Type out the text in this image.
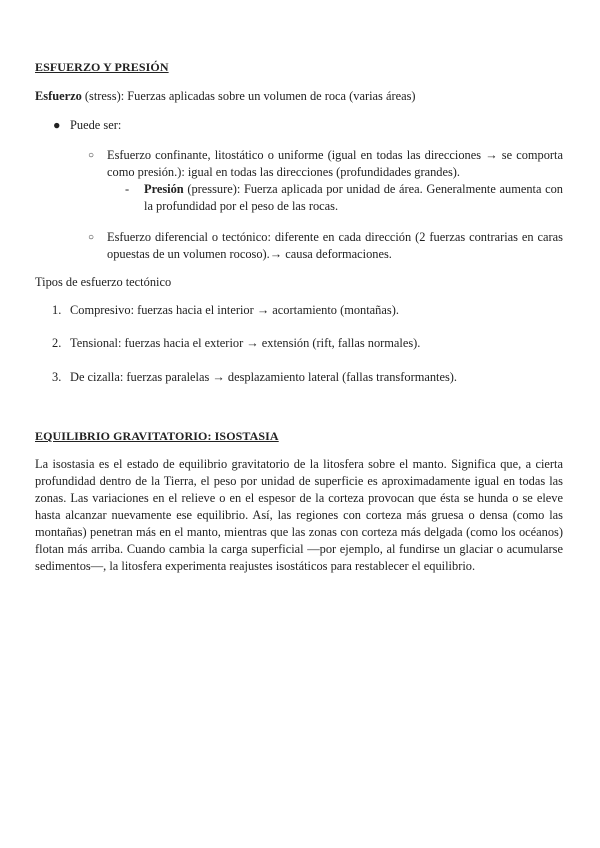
ESFUERZO Y PRESIÓN
Esfuerzo (stress): Fuerzas aplicadas sobre un volumen de roca (varias áreas)
● Puede ser:
○ Esfuerzo confinante, litostático o uniforme (igual en todas las direcciones → se comporta como presión.): igual en todas las direcciones (profundidades grandes).
- Presión (pressure): Fuerza aplicada por unidad de área. Generalmente aumenta con la profundidad por el peso de las rocas.
○ Esfuerzo diferencial o tectónico: diferente en cada dirección (2 fuerzas contrarias en caras opuestas de un volumen rocoso).→ causa deformaciones.
Tipos de esfuerzo tectónico
1. Compresivo: fuerzas hacia el interior → acortamiento (montañas).
2. Tensional: fuerzas hacia el exterior → extensión (rift, fallas normales).
3. De cizalla: fuerzas paralelas → desplazamiento lateral (fallas transformantes).
EQUILIBRIO GRAVITATORIO: ISOSTASIA
La isostasia es el estado de equilibrio gravitatorio de la litosfera sobre el manto. Significa que, a cierta profundidad dentro de la Tierra, el peso por unidad de superficie es aproximadamente igual en todas las zonas. Las variaciones en el relieve o en el espesor de la corteza provocan que ésta se hunda o se eleve hasta alcanzar nuevamente ese equilibrio. Así, las regiones con corteza más gruesa o densa (como las montañas) penetran más en el manto, mientras que las zonas con corteza más delgada (como los océanos) flotan más arriba. Cuando cambia la carga superficial —por ejemplo, al fundirse un glaciar o acumularse sedimentos—, la litosfera experimenta reajustes isostáticos para restablecer el equilibrio.
